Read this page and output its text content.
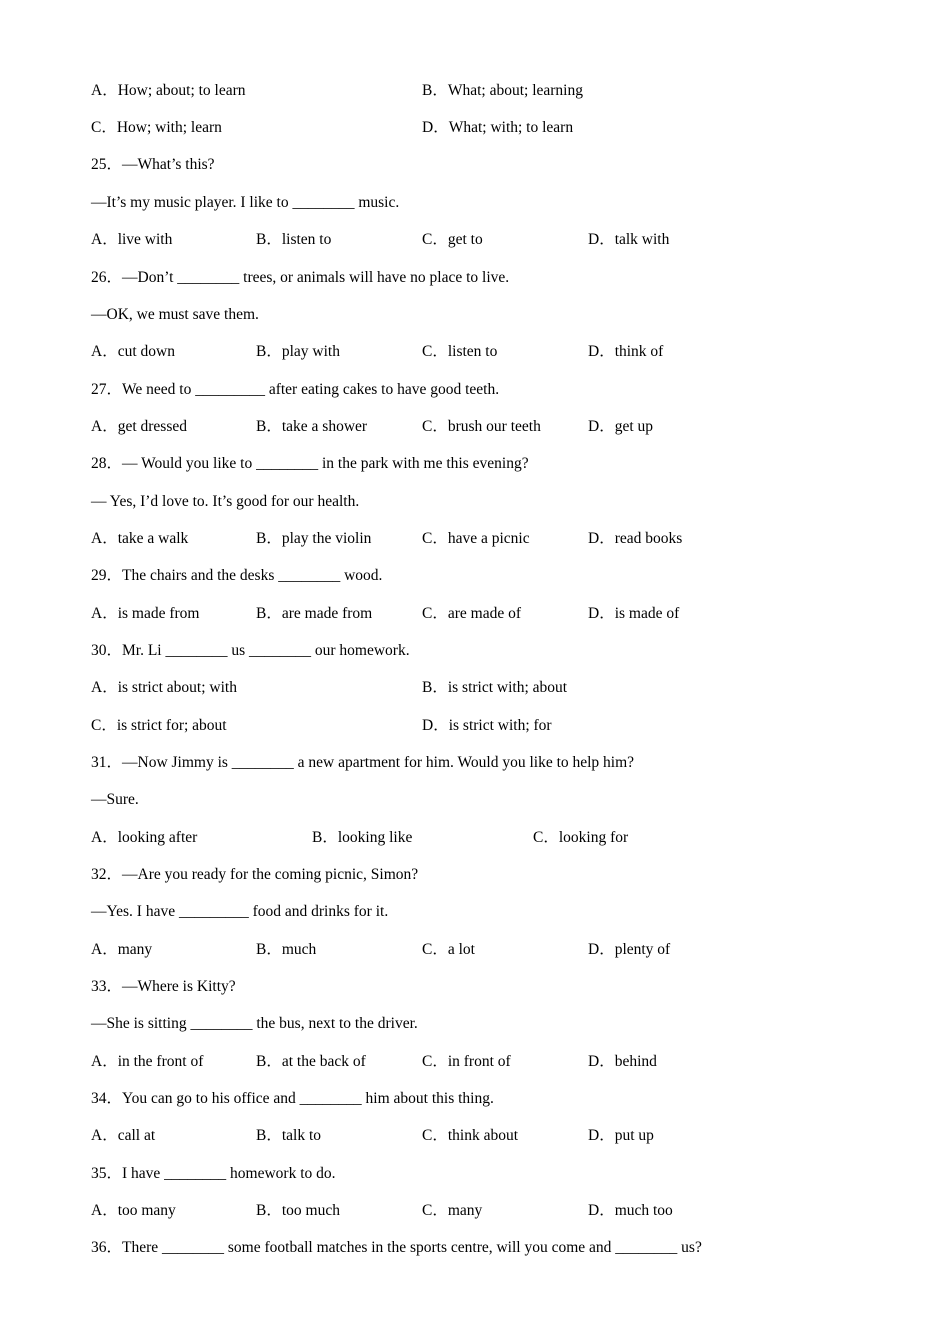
A．How; about; to learn	B．What; about; learning
C．How; with; learn	D．What; with; to learn
25．—What’s this?
—It’s my music player. I like to ________ music.
A．live with	B．listen to	C．get to	D．talk with
26．—Don’t ________ trees, or animals will have no place to live.
—OK, we must save them.
A．cut down	B．play with	C．listen to	D．think of
27．We need to _________ after eating cakes to have good teeth.
A．get dressed	B．take a shower	C．brush our teeth	D．get up
28．— Would you like to ________ in the park with me this evening?
— Yes, I’d love to. It’s good for our health.
A．take a walk	B．play the violin	C．have a picnic	D．read books
29．The chairs and the desks ________ wood.
A．is made from	B．are made from	C．are made of	D．is made of
30．Mr. Li ________ us ________ our homework.
A．is strict about; with	B．is strict with; about
C．is strict for; about	D．is strict with; for
31．—Now Jimmy is ________ a new apartment for him. Would you like to help him?
—Sure.
A．looking after	B．looking like	C．looking for
32．—Are you ready for the coming picnic, Simon?
—Yes. I have _________ food and drinks for it.
A．many	B．much	C．a lot	D．plenty of
33．—Where is Kitty?
—She is sitting ________ the bus, next to the driver.
A．in the front of	B．at the back of	C．in front of	D．behind
34．You can go to his office and ________ him about this thing.
A．call at	B．talk to	C．think about	D．put up
35．I have ________ homework to do.
A．too many	B．too much	C．many	D．much too
36．There ________ some football matches in the sports centre, will you come and ________ us?
